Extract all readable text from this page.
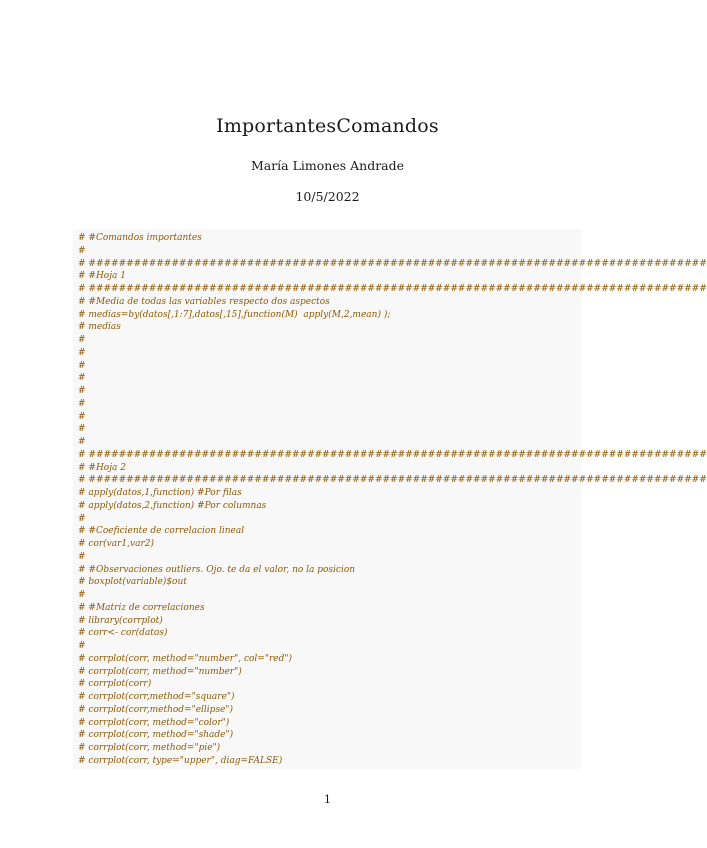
ImportantesComandos
María Limones Andrade
10/5/2022
# #Comandos importantes
#
# ##################################################################################
# #Hoja 1
# ##################################################################################
# #Media de todas las variables respecto dos aspectos
# medias=by(datos[,1:7],datos[,15],function(M)  apply(M,2,mean) );
# medias
#
#
#
#
#
#
#
#
#
# ##################################################################################
# #Hoja 2
# ##################################################################################
# apply(datos,1,function) #Por filas
# apply(datos,2,function) #Por columnas
#
# #Coeficiente de correlacion lineal
# cor(var1,var2)
#
# #Observaciones outliers. Ojo. te da el valor, no la posicion
# boxplot(variable)$out
#
# #Matriz de correlaciones
# library(corrplot)
# corr<- cor(datos)
#
# corrplot(corr, method="number", col="red")
# corrplot(corr, method="number")
# corrplot(corr)
# corrplot(corr,method="square")
# corrplot(corr,method="ellipse")
# corrplot(corr, method="color")
# corrplot(corr, method="shade")
# corrplot(corr, method="pie")
# corrplot(corr, type="upper", diag=FALSE)
1
